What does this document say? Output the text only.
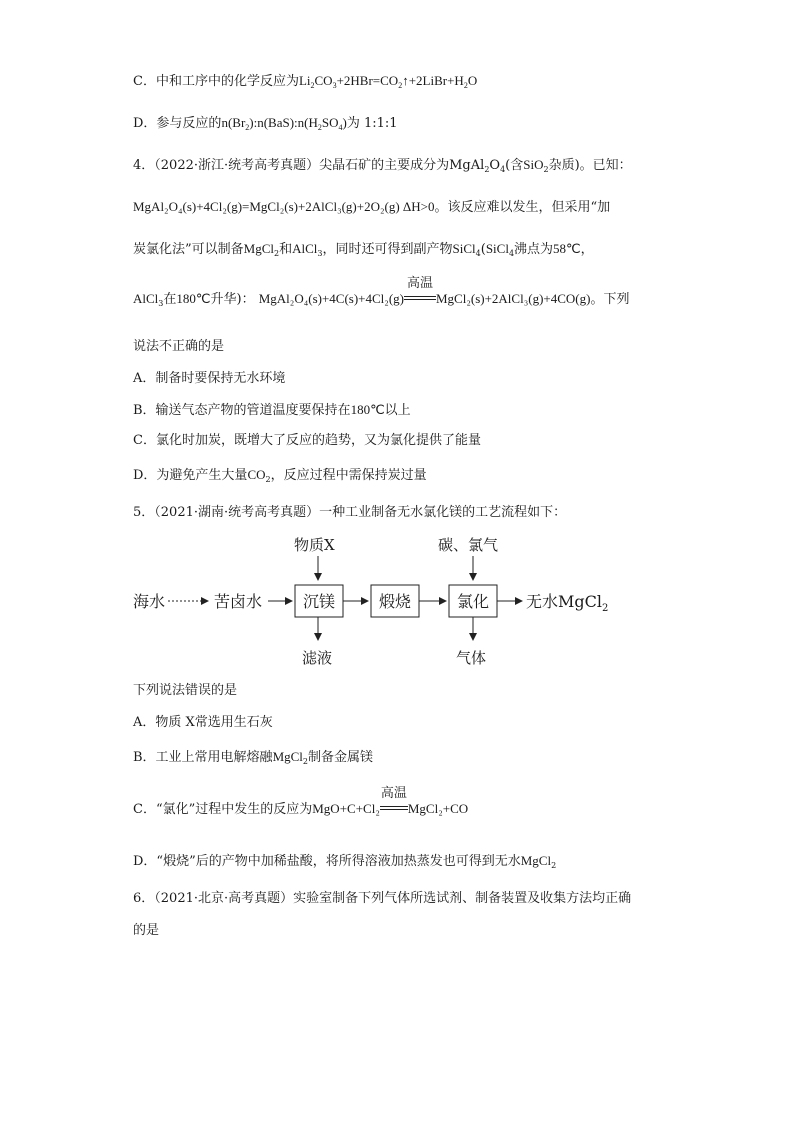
C．中和工序中的化学反应为$Li_2CO_3+2HBr=CO_2↑+2LiBr+H_2O$
D．参与反应的$n(Br_2):n(BaS):n(H_2SO_4)$为 1:1:1
4．（2022·浙江·统考高考真题）尖晶石矿的主要成分为$MgAl_2O_4$(含SiO$_2$杂质)。已知：
MgAl₂O₄(s)+4Cl₂(g)=MgCl₂(s)+2AlCl₃(g)+2O₂(g) ΔH>0。该反应难以发生，但采用“加
炭氯化法”可以制备MgCl$_2$和AlCl$_3$，同时还可得到副产物SiCl$_4$(SiCl$_4$沸点为58℃，
AlCl$_3$在180℃升华)： MgAl₂O₄(s)+4C(s)+4Cl₂(g)
高温
MgCl₂(s)+2AlCl₃(g)+4CO(g)。下列
说法不正确的是
A．制备时要保持无水环境
B．输送气态产物的管道温度要保持在180℃以上
C．氯化时加炭，既增大了反应的趋势，又为氯化提供了能量
D．为避免产生大量$CO_2$，反应过程中需保持炭过量
5．（2021·湖南·统考高考真题）一种工业制备无水氯化镁的工艺流程如下：
物质X	碳、氯气
海水	苦卤水	沉镁	煅烧	氯化 无水MgCl$_2$
滤液	气体
下列说法错误的是
A．物质 X常选用生石灰
B．工业上常用电解熔融MgCl$_2$制备金属镁
C．“氯化”过程中发生的反应为MgO+C+Cl₂
高温
MgCl₂+CO
D．“煅烧”后的产物中加稀盐酸，将所得溶液加热蒸发也可得到无水MgCl$_2$
6．（2021·北京·高考真题）实验室制备下列气体所选试剂、制备装置及收集方法均正确
的是
